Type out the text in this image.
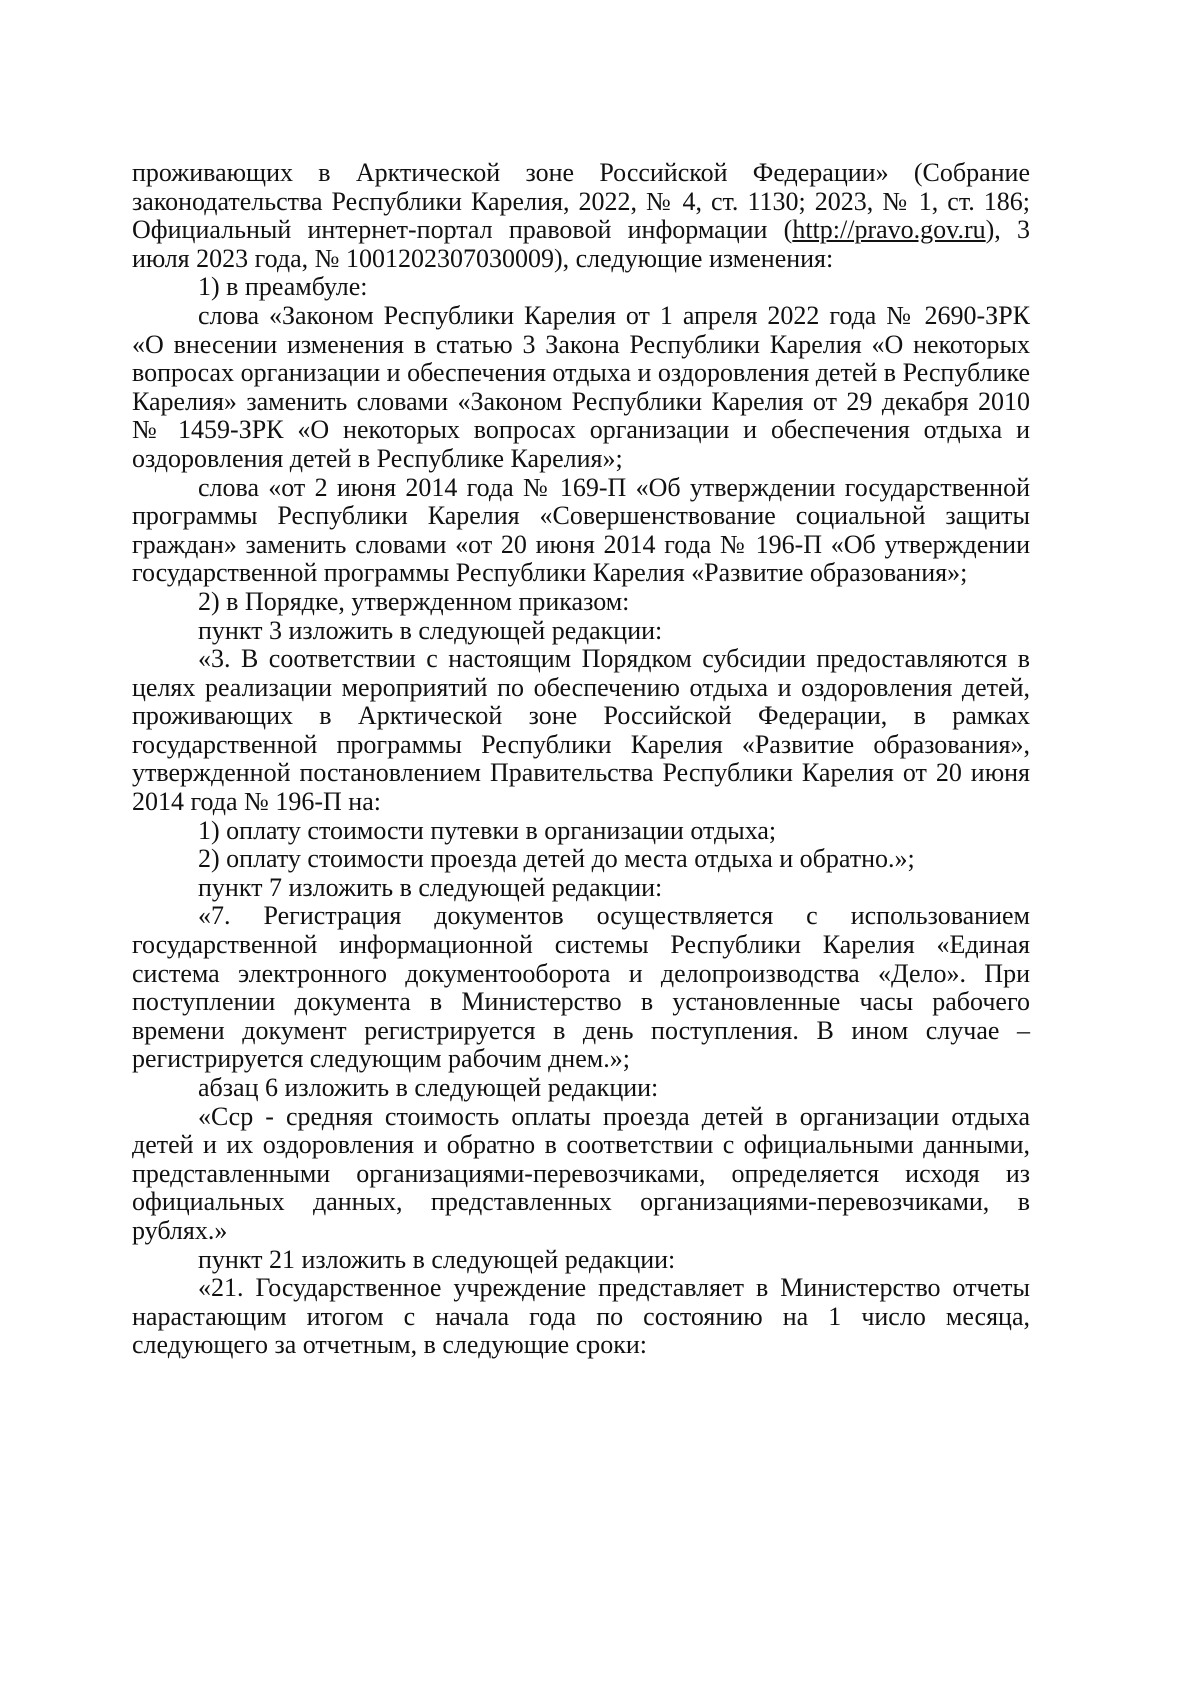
проживающих в Арктической зоне Российской Федерации» (Собрание законодательства Республики Карелия, 2022, № 4, ст. 1130; 2023, № 1, ст. 186; Официальный интернет-портал правовой информации (http://pravo.gov.ru), 3 июля 2023 года, № 1001202307030009), следующие изменения:

1) в преамбуле:

слова «Законом Республики Карелия от 1 апреля 2022 года № 2690-ЗРК «О внесении изменения в статью 3 Закона Республики Карелия «О некоторых вопросах организации и обеспечения отдыха и оздоровления детей в Республике Карелия» заменить словами «Законом Республики Карелия от 29 декабря 2010 № 1459-ЗРК «О некоторых вопросах организации и обеспечения отдыха и оздоровления детей в Республике Карелия»;

слова «от 2 июня 2014 года № 169-П «Об утверждении государственной программы Республики Карелия «Совершенствование социальной защиты граждан» заменить словами «от 20 июня 2014 года № 196-П «Об утверждении государственной программы Республики Карелия «Развитие образования»;

2) в Порядке, утвержденном приказом:

пункт 3 изложить в следующей редакции:

«3. В соответствии с настоящим Порядком субсидии предоставляются в целях реализации мероприятий по обеспечению отдыха и оздоровления детей, проживающих в Арктической зоне Российской Федерации, в рамках государственной программы Республики Карелия «Развитие образования», утвержденной постановлением Правительства Республики Карелия от 20 июня 2014 года № 196-П на:

1) оплату стоимости путевки в организации отдыха;

2) оплату стоимости проезда детей до места отдыха и обратно.»;

пункт 7 изложить в следующей редакции:

«7. Регистрация документов осуществляется с использованием государственной информационной системы Республики Карелия «Единая система электронного документооборота и делопроизводства «Дело». При поступлении документа в Министерство в установленные часы рабочего времени документ регистрируется в день поступления. В ином случае – регистрируется следующим рабочим днем.»;

абзац 6 изложить в следующей редакции:

«Сср - средняя стоимость оплаты проезда детей в организации отдыха детей и их оздоровления и обратно в соответствии с официальными данными, представленными организациями-перевозчиками, определяется исходя из официальных данных, представленных организациями-перевозчиками, в рублях.»

пункт 21 изложить в следующей редакции:

«21. Государственное учреждение представляет в Министерство отчеты нарастающим итогом с начала года по состоянию на 1 число месяца, следующего за отчетным, в следующие сроки:
